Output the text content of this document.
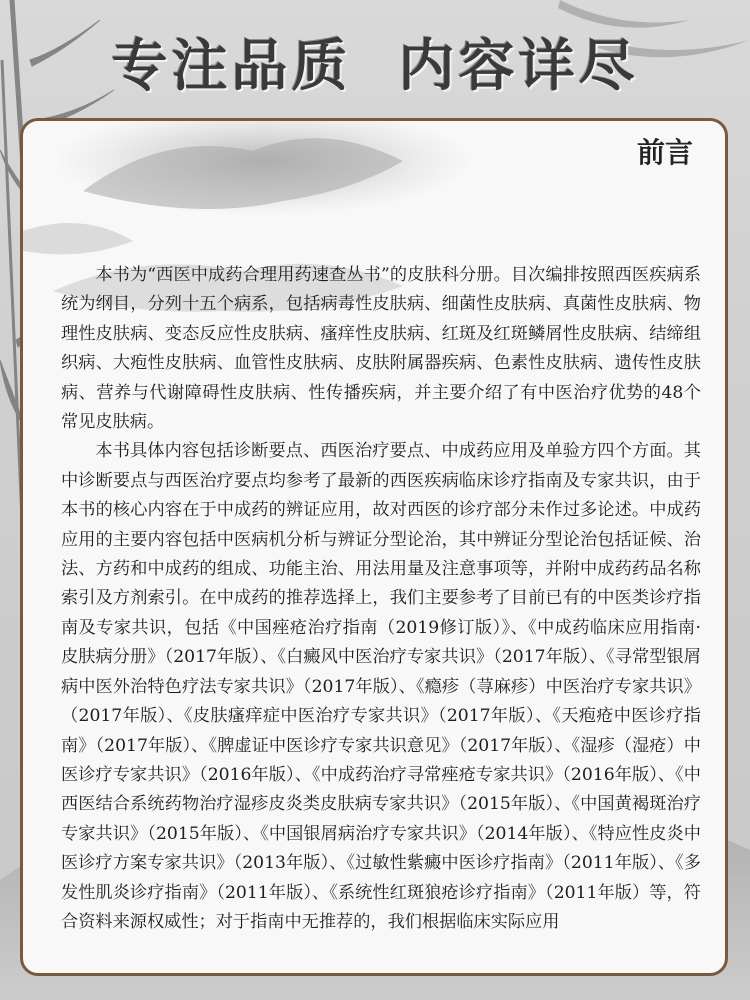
专注品质  内容详尽
前言

本书为“西医中成药合理用药速查丛书”的皮肤科分册。目次编排按照西医疾病系统为纲目，分列十五个病系，包括病毒性皮肤病、细菌性皮肤病、真菌性皮肤病、物理性皮肤病、变态反应性皮肤病、瘙痒性皮肤病、红斑及红斑鳞屑性皮肤病、结缔组织病、大疱性皮肤病、血管性皮肤病、皮肤附属器疾病、色素性皮肤病、遗传性皮肤病、营养与代谢障碍性皮肤病、性传播疾病，并主要介绍了有中医治疗优势的48个常见皮肤病。

本书具体内容包括诊断要点、西医治疗要点、中成药应用及单验方四个方面。其中诊断要点与西医治疗要点均参考了最新的西医疾病临床诊疗指南及专家共识，由于本书的核心内容在于中成药的辨证应用，故对西医的诊疗部分未作过多论述。中成药应用的主要内容包括中医病机分析与辨证分型论治，其中辨证分型论治包括证候、治法、方药和中成药的组成、功能主治、用法用量及注意事项等，并附中成药药品名称索引及方剂索引。在中成药的推荐选择上，我们主要参考了目前已有的中医类诊疗指南及专家共识，包括《中国痤疮治疗指南（2019修订版）》、《中成药临床应用指南·皮肤病分册》（2017年版）、《白癜风中医治疗专家共识》（2017年版）、《寻常型银屑病中医外治特色疗法专家共识》（2017年版）、《瘾疹（荨麻疹）中医治疗专家共识》（2017年版）、《皮肤瘙痒症中医治疗专家共识》（2017年版）、《天疱疮中医诊疗指南》（2017年版）、《脾虚证中医诊疗专家共识意见》（2017年版）、《湿疹（湿疮）中医诊疗专家共识》（2016年版）、《中成药治疗寻常痤疮专家共识》（2016年版）、《中西医结合系统药物治疗湿疹皮炎类皮肤病专家共识》（2015年版）、《中国黄褐斑治疗专家共识》（2015年版）、《中国银屑病治疗专家共识》（2014年版）、《特应性皮炎中医诊疗方案专家共识》（2013年版）、《过敏性紫癜中医诊疗指南》（2011年版）、《多发性肌炎诊疗指南》（2011年版）、《系统性红斑狼疮诊疗指南》（2011年版）等，符合资料来源权威性；对于指南中无推荐的，我们根据临床实际应用
